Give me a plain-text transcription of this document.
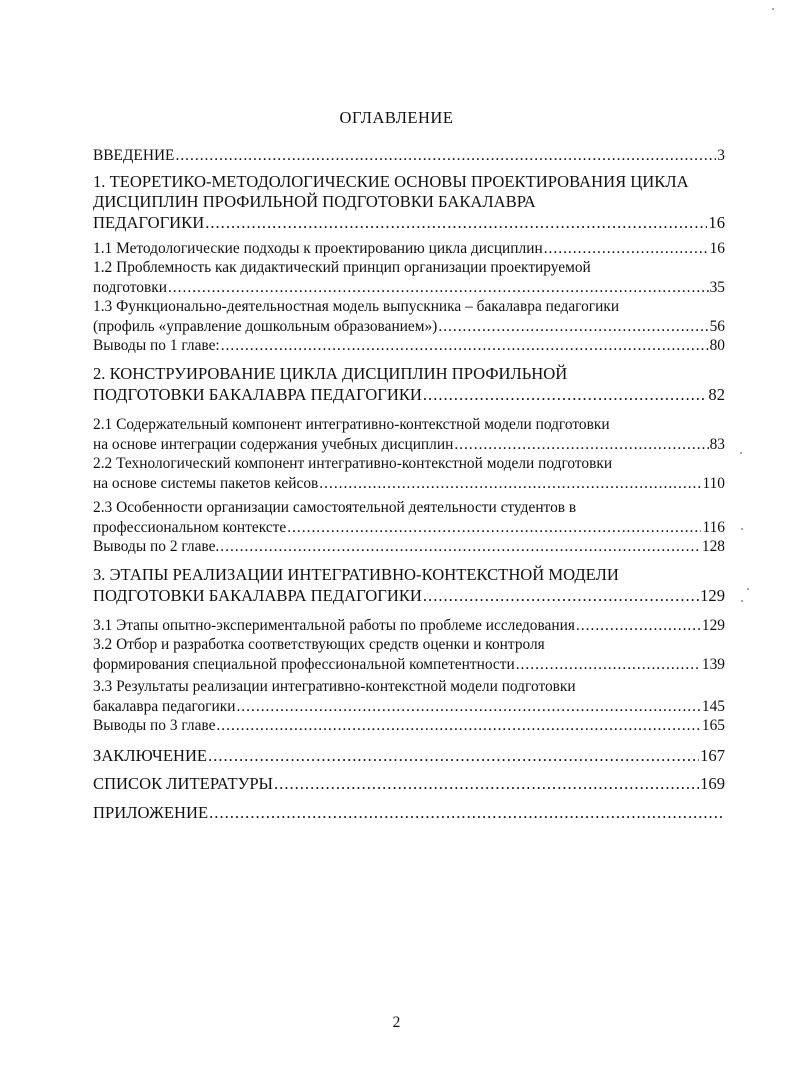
ОГЛАВЛЕНИЕ
ВВЕДЕНИЕ .....	3
1. ТЕОРЕТИКО-МЕТОДОЛОГИЧЕСКИЕ ОСНОВЫ ПРОЕКТИРОВАНИЯ ЦИКЛА ДИСЦИПЛИН ПРОФИЛЬНОЙ ПОДГОТОВКИ БАКАЛАВРА
ПЕДАГОГИКИ .....	16
1.1 Методологические подходы к проектированию цикла дисциплин .....	16
1.2 Проблемность как дидактический принцип организации проектируемой
подготовки .....	35
1.3 Функционально-деятельностная модель выпускника – бакалавра педагогики
(профиль «управление дошкольным образованием») .....	56
Выводы по 1 главе: .....	80
2. КОНСТРУИРОВАНИЕ ЦИКЛА ДИСЦИПЛИН ПРОФИЛЬНОЙ
ПОДГОТОВКИ БАКАЛАВРА ПЕДАГОГИКИ .....	82
2.1 Содержательный компонент интегративно-контекстной модели подготовки
на основе интеграции содержания учебных дисциплин .....	83
2.2 Технологический компонент интегративно-контекстной модели подготовки
на основе системы пакетов кейсов .....	110
2.3 Особенности организации самостоятельной деятельности студентов в
профессиональном контексте .....	116
Выводы по 2 главе. .....	128
3. ЭТАПЫ РЕАЛИЗАЦИИ ИНТЕГРАТИВНО-КОНТЕКСТНОЙ МОДЕЛИ
ПОДГОТОВКИ БАКАЛАВРА ПЕДАГОГИКИ .....	129
3.1 Этапы опытно-экспериментальной работы по проблеме исследования .....	129
3.2 Отбор и разработка соответствующих средств оценки и контроля
формирования специальной профессиональной компетентности .....	139
3.3 Результаты реализации интегративно-контекстной модели подготовки
бакалавра педагогики .....	145
Выводы по 3 главе .....	165
ЗАКЛЮЧЕНИЕ .....	167
СПИСОК ЛИТЕРАТУРЫ .....	169
ПРИЛОЖЕНИЕ
.....
2
